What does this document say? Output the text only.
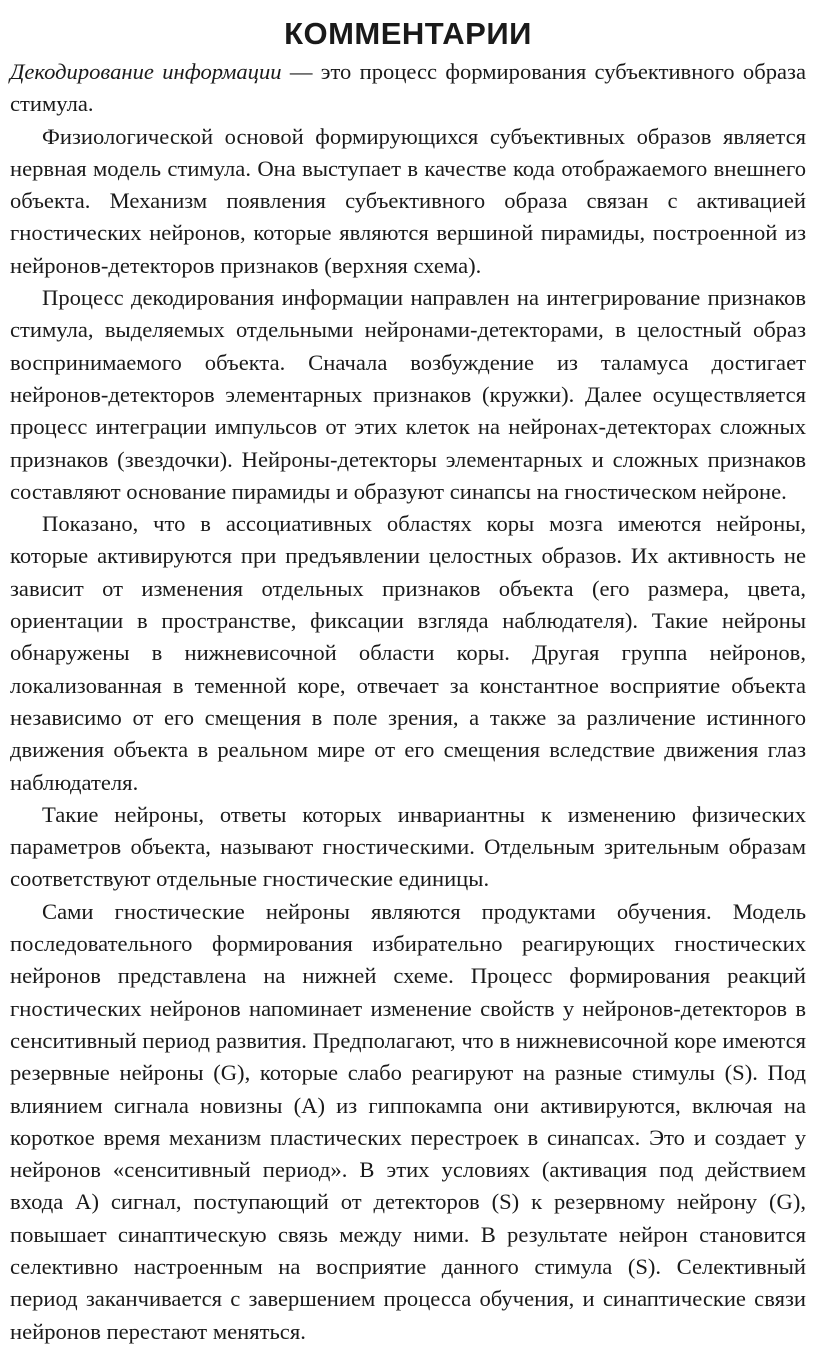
КОММЕНТАРИИ

Декодирование информации — это процесс формирования субъективного образа стимула.

Физиологической основой формирующихся субъективных образов является нервная модель стимула. Она выступает в качестве кода отображаемого внешнего объекта. Механизм появления субъективного образа связан с активацией гностических нейронов, которые являются вершиной пирамиды, построенной из нейронов-детекторов признаков (верхняя схема).

Процесс декодирования информации направлен на интегрирование признаков стимула, выделяемых отдельными нейронами-детекторами, в целостный образ воспринимаемого объекта. Сначала возбуждение из таламуса достигает нейронов-детекторов элементарных признаков (кружки). Далее осуществляется процесс интеграции импульсов от этих клеток на нейронах-детекторах сложных признаков (звездочки). Нейроны-детекторы элементарных и сложных признаков составляют основание пирамиды и образуют синапсы на гностическом нейроне.

Показано, что в ассоциативных областях коры мозга имеются нейроны, которые активируются при предъявлении целостных образов. Их активность не зависит от изменения отдельных признаков объекта (его размера, цвета, ориентации в пространстве, фиксации взгляда наблюдателя). Такие нейроны обнаружены в нижневисочной области коры. Другая группа нейронов, локализованная в теменной коре, отвечает за константное восприятие объекта независимо от его смещения в поле зрения, а также за различение истинного движения объекта в реальном мире от его смещения вследствие движения глаз наблюдателя.

Такие нейроны, ответы которых инвариантны к изменению физических параметров объекта, называют гностическими. Отдельным зрительным образам соответствуют отдельные гностические единицы.

Сами гностические нейроны являются продуктами обучения. Модель последовательного формирования избирательно реагирующих гностических нейронов представлена на нижней схеме. Процесс формирования реакций гностических нейронов напоминает изменение свойств у нейронов-детекторов в сенситивный период развития. Предполагают, что в нижневисочной коре имеются резервные нейроны (G), которые слабо реагируют на разные стимулы (S). Под влиянием сигнала новизны (А) из гиппокампа они активируются, включая на короткое время механизм пластических перестроек в синапсах. Это и создает у нейронов «сенситивный период». В этих условиях (активация под действием входа А) сигнал, поступающий от детекторов (S) к резервному нейрону (G), повышает синаптическую связь между ними. В результате нейрон становится селективно настроенным на восприятие данного стимула (S). Селективный период заканчивается с завершением процесса обучения, и синаптические связи нейронов перестают меняться.
